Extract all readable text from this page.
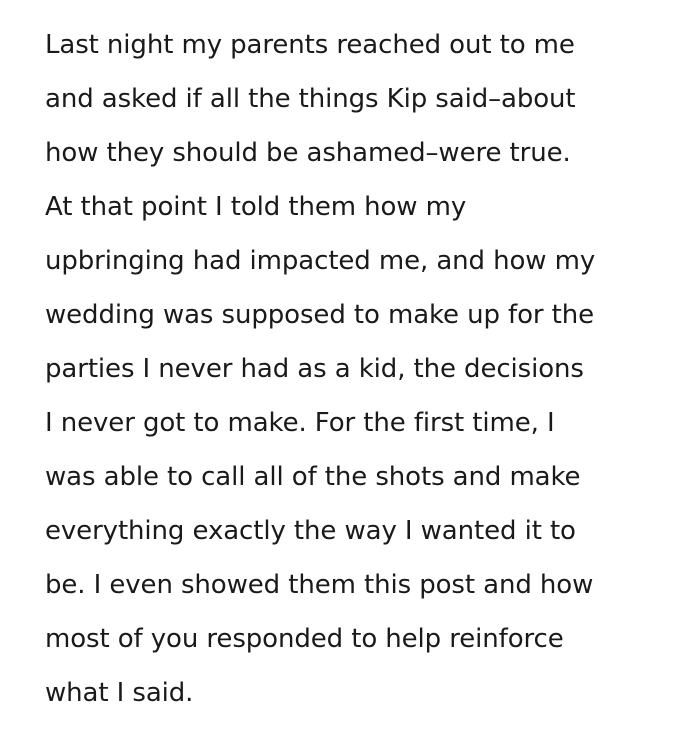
Last night my parents reached out to me
and asked if all the things Kip said–about
how they should be ashamed–were true.
At that point I told them how my
upbringing had impacted me, and how my
wedding was supposed to make up for the
parties I never had as a kid, the decisions
I never got to make. For the first time, I
was able to call all of the shots and make
everything exactly the way I wanted it to
be. I even showed them this post and how
most of you responded to help reinforce
what I said.
